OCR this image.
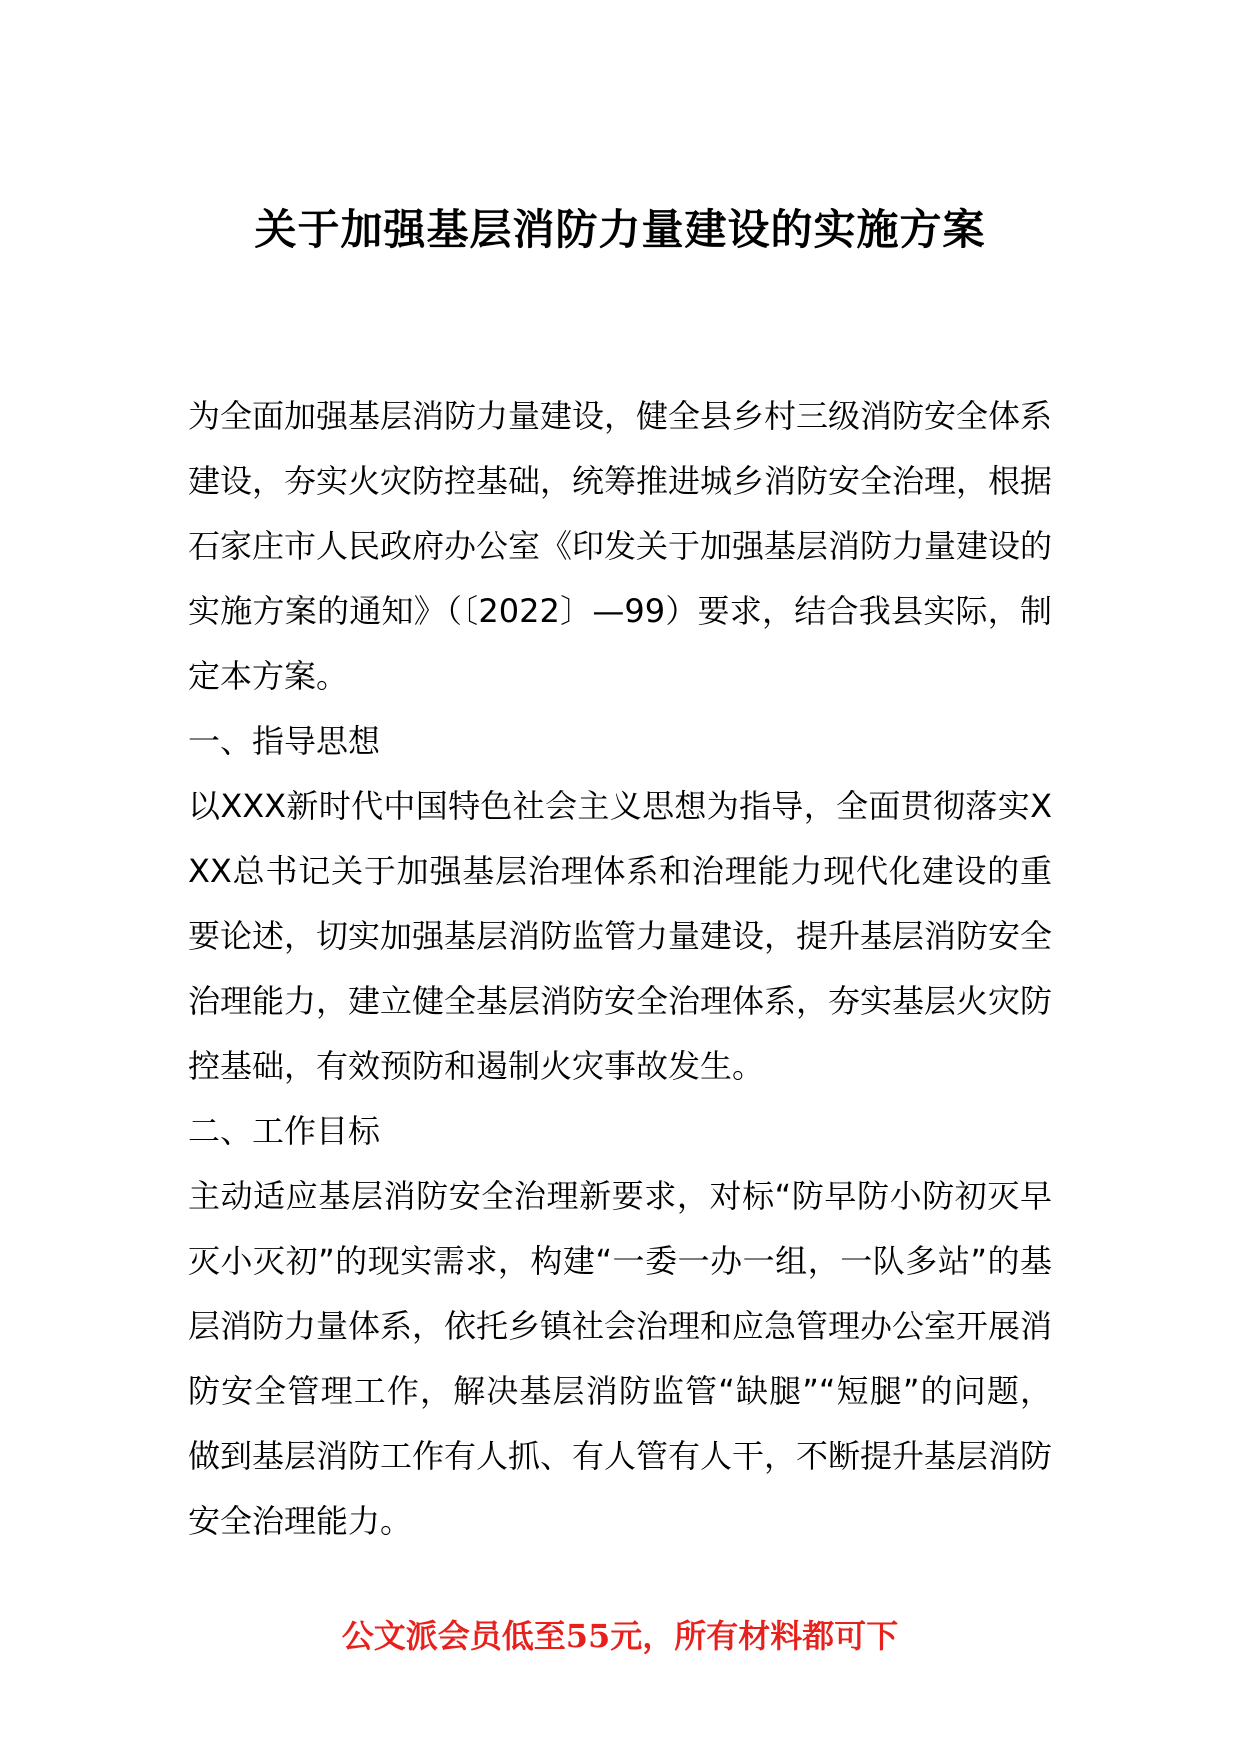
关于加强基层消防力量建设的实施方案

为全面加强基层消防力量建设，健全县乡村三级消防安全体系建设，夯实火灾防控基础，统筹推进城乡消防安全治理，根据石家庄市人民政府办公室《印发关于加强基层消防力量建设的实施方案的通知》（〔2022〕—99）要求，结合我县实际，制定本方案。

一、指导思想

以XXX新时代中国特色社会主义思想为指导，全面贯彻落实XXX总书记关于加强基层治理体系和治理能力现代化建设的重要论述，切实加强基层消防监管力量建设，提升基层消防安全治理能力，建立健全基层消防安全治理体系，夯实基层火灾防控基础，有效预防和遏制火灾事故发生。

二、工作目标

主动适应基层消防安全治理新要求，对标“防早防小防初灭早灭小灭初”的现实需求，构建“一委一办一组，一队多站”的基层消防力量体系，依托乡镇社会治理和应急管理办公室开展消防安全管理工作，解决基层消防监管“缺腿”“短腿”的问题，做到基层消防工作有人抓、有人管有人干，不断提升基层消防安全治理能力。

公文派会员低至55元，所有材料都可下
